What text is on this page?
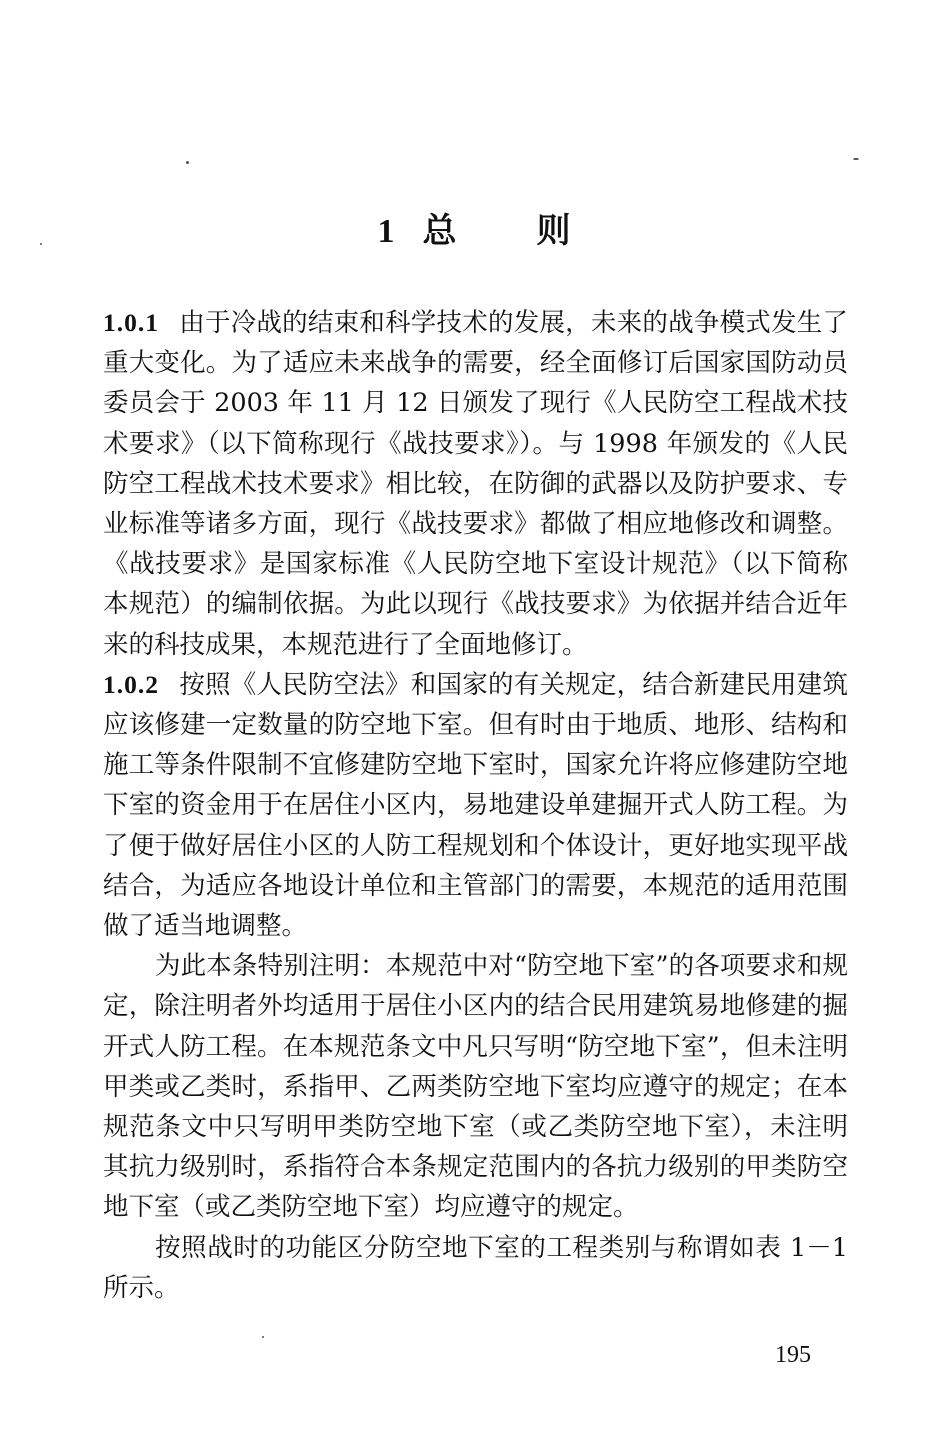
1 总 则

1.0.1 由于冷战的结束和科学技术的发展，未来的战争模式发生了重大变化。为了适应未来战争的需要，经全面修订后国家国防动员委员会于 2003 年 11 月 12 日颁发了现行《人民防空工程战术技术要求》（以下简称现行《战技要求》）。与 1998 年颁发的《人民防空工程战术技术要求》相比较，在防御的武器以及防护要求、专业标准等诸多方面，现行《战技要求》都做了相应地修改和调整。《战技要求》是国家标准《人民防空地下室设计规范》（以下简称本规范）的编制依据。为此以现行《战技要求》为依据并结合近年来的科技成果，本规范进行了全面地修订。

1.0.2 按照《人民防空法》和国家的有关规定，结合新建民用建筑应该修建一定数量的防空地下室。但有时由于地质、地形、结构和施工等条件限制不宜修建防空地下室时，国家允许将应修建防空地下室的资金用于在居住小区内，易地建设单建掘开式人防工程。为了便于做好居住小区的人防工程规划和个体设计，更好地实现平战结合，为适应各地设计单位和主管部门的需要，本规范的适用范围做了适当地调整。

为此本条特别注明：本规范中对“防空地下室”的各项要求和规定，除注明者外均适用于居住小区内的结合民用建筑易地修建的掘开式人防工程。在本规范条文中凡只写明“防空地下室”，但未注明甲类或乙类时，系指甲、乙两类防空地下室均应遵守的规定；在本规范条文中只写明甲类防空地下室（或乙类防空地下室），未注明其抗力级别时，系指符合本条规定范围内的各抗力级别的甲类防空地下室（或乙类防空地下室）均应遵守的规定。

按照战时的功能区分防空地下室的工程类别与称谓如表 1－1 所示。

195
